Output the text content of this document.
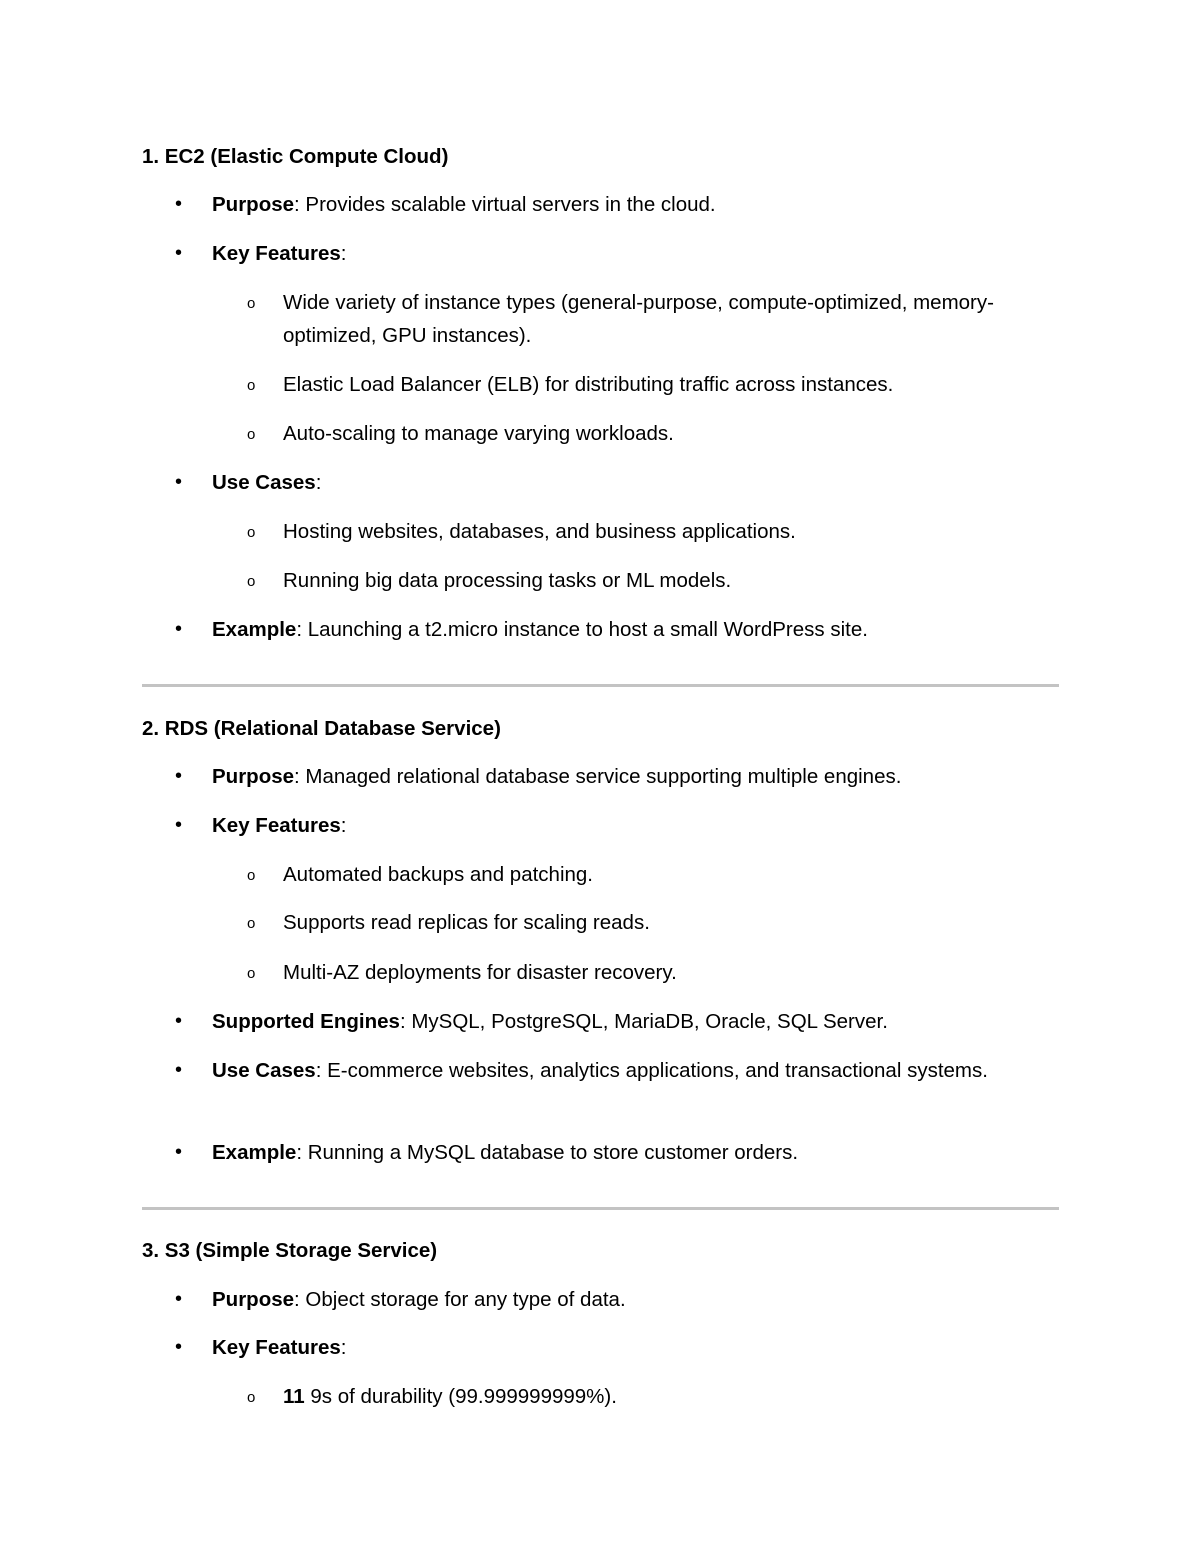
1. EC2 (Elastic Compute Cloud)
• Purpose: Provides scalable virtual servers in the cloud.
• Key Features:
o Wide variety of instance types (general-purpose, compute-optimized, memory-optimized, GPU instances).
o Elastic Load Balancer (ELB) for distributing traffic across instances.
o Auto-scaling to manage varying workloads.
• Use Cases:
o Hosting websites, databases, and business applications.
o Running big data processing tasks or ML models.
• Example: Launching a t2.micro instance to host a small WordPress site.
2. RDS (Relational Database Service)
• Purpose: Managed relational database service supporting multiple engines.
• Key Features:
o Automated backups and patching.
o Supports read replicas for scaling reads.
o Multi-AZ deployments for disaster recovery.
• Supported Engines: MySQL, PostgreSQL, MariaDB, Oracle, SQL Server.
• Use Cases: E-commerce websites, analytics applications, and transactional systems.
• Example: Running a MySQL database to store customer orders.
3. S3 (Simple Storage Service)
• Purpose: Object storage for any type of data.
• Key Features:
o 11 9s of durability (99.999999999%).
